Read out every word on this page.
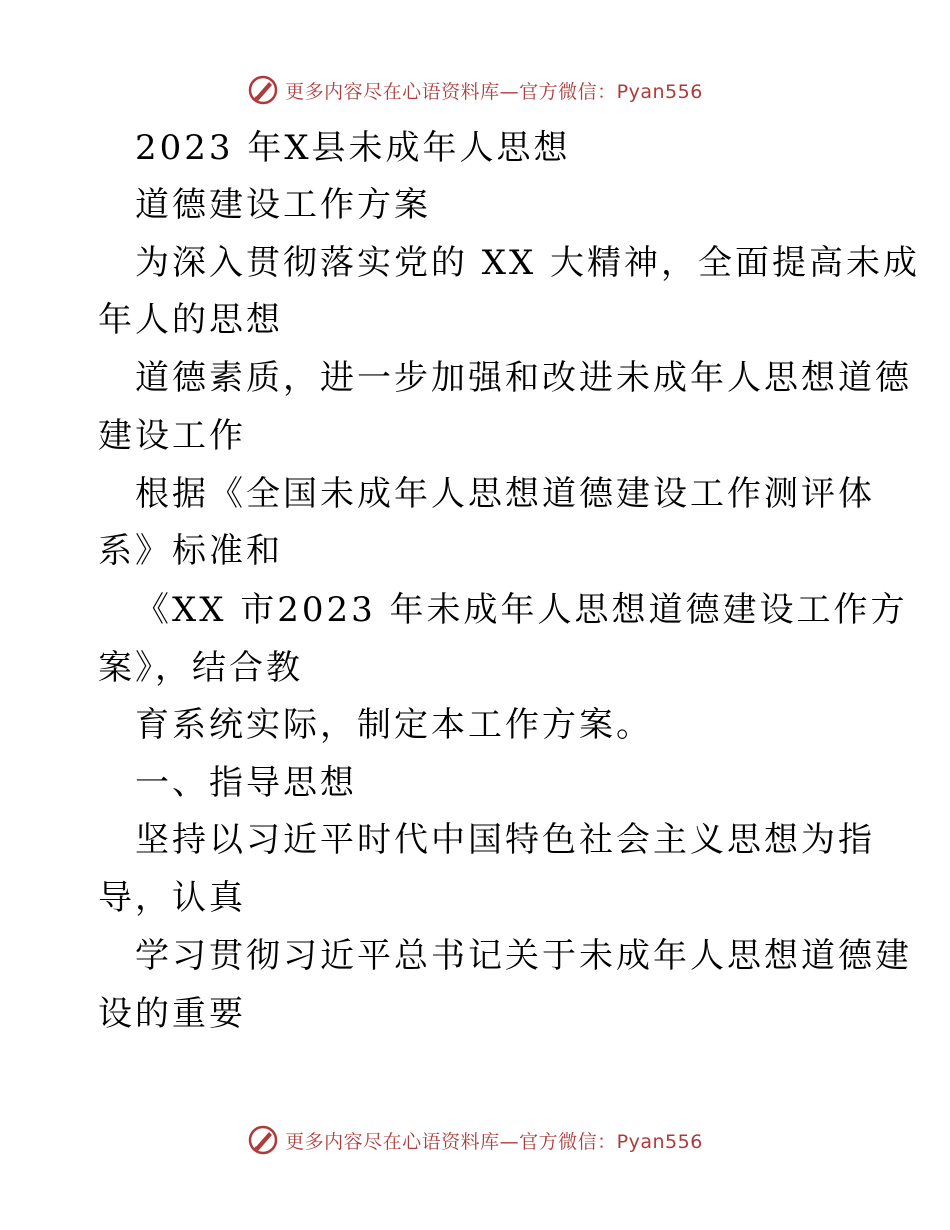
更多内容尽在心语资料库—官方微信：Pyan556
2023 年X县未成年人思想
道德建设工作方案
为深入贯彻落实党的 XX 大精神，全面提高未成
年人的思想
道德素质，进一步加强和改进未成年人思想道德
建设工作
根据《全国未成年人思想道德建设工作测评体
系》标准和
《XX 市2023 年未成年人思想道德建设工作方
案》，结合教
育系统实际，制定本工作方案。
一、指导思想
坚持以习近平时代中国特色社会主义思想为指
导，认真
学习贯彻习近平总书记关于未成年人思想道德建
设的重要
更多内容尽在心语资料库—官方微信：Pyan556
